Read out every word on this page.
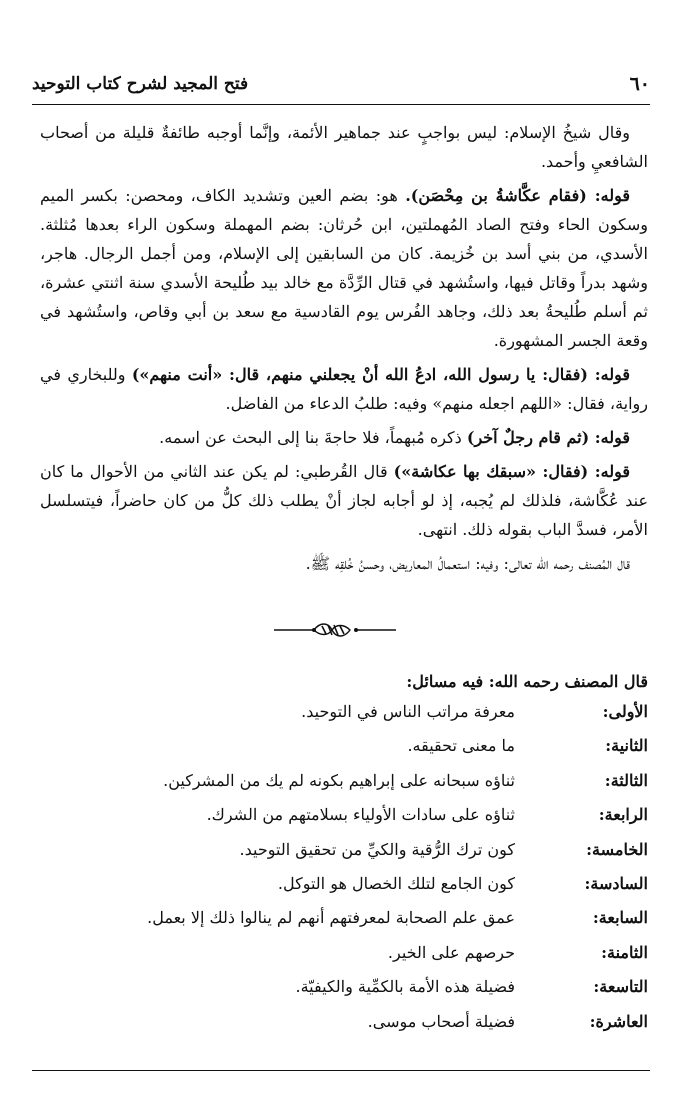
٦٠
فتح المجيد لشرح كتاب التوحيد

وقال شيخُ الإسلام: ليس بواجبٍ عند جماهير الأئمة، وإنَّما أوجبه طائفةٌ قليلة من أصحاب الشافعيِ وأحمد.

قوله: (فقام عكَّاشةُ بن مِحْصَن). هو: بضم العين وتشديد الكاف، ومحصن: بكسر الميم وسكون الحاء وفتح الصاد المُهملتين، ابن حُرثان: بضم المهملة وسكون الراء بعدها مُثلثة. الأسدي، من بني أسد بن خُزيمة. كان من السابقين إلى الإسلام، ومن أجمل الرجال. هاجر، وشهد بدراً وقاتل فيها، واستُشهد في قتال الرِّدَّة مع خالد بيد طُليحة الأسدي سنة اثنتي عشرة، ثم أسلم طُليحةُ بعد ذلك، وجاهد الفُرس يوم القادسية مع سعد بن أبي وقاص، واستُشهد في وقعة الجسر المشهورة.

قوله: (فقال: يا رسول الله، ادعُ الله أنْ يجعلني منهم، قال: «أنت منهم») وللبخاري في رواية، فقال: «اللهم اجعله منهم» وفيه: طلبُ الدعاء من الفاضل.

قوله: (ثم قام رجلٌ آخر) ذكره مُبهماً، فلا حاجةَ بنا إلى البحث عن اسمه.

قوله: (فقال: «سبقك بها عكاشة») قال القُرطبي: لم يكن عند الثاني من الأحوال ما كان عند عُكَّاشة، فلذلك لم يُجبه، إذ لو أجابه لجاز أنْ يطلب ذلك كلُّ من كان حاضراً، فيتسلسل الأمر، فسدَّ الباب بقوله ذلك. انتهى.

قال المُصنف رحمه الله تعالى: وفيه: استعمالُ المعاريض، وحسنُ خُلقِه ﷺ.

قال المصنف رحمه الله: فيه مسائل:
الأولى:
معرفة مراتب الناس في التوحيد.
الثانية:
ما معنى تحقيقه.
الثالثة:
ثناؤه سبحانه على إبراهيم بكونه لم يك من المشركين.
الرابعة:
ثناؤه على سادات الأولياء بسلامتهم من الشرك.
الخامسة:
كون ترك الرُّقية والكيِّ من تحقيق التوحيد.
السادسة:
كون الجامع لتلك الخصال هو التوكل.
السابعة:
عمق علم الصحابة لمعرفتهم أنهم لم ينالوا ذلك إلا بعمل.
الثامنة:
حرصهم على الخير.
التاسعة:
فضيلة هذه الأمة بالكمِّية والكيفيّة.
العاشرة:
فضيلة أصحاب موسى.
